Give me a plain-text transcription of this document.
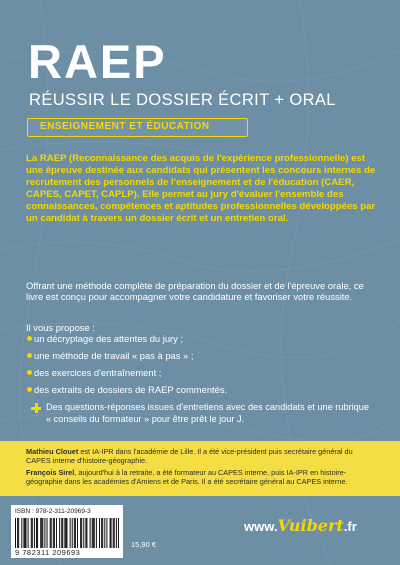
RAEP
RÉUSSIR LE DOSSIER ÉCRIT + ORAL
ENSEIGNEMENT ET ÉDUCATION

La RAEP (Reconnaissance des acquis de l'expérience professionnelle) est une épreuve destinée aux candidats qui présentent les concours internes de recrutement des personnels de l'enseignement et de l'éducation (CAER, CAPES, CAPET, CAPLP). Elle permet au jury d'évaluer l'ensemble des connaissances, compétences et aptitudes professionnelles développées par un candidat à travers un dossier écrit et un entretien oral.

Offrant une méthode complète de préparation du dossier et de l'épreuve orale, ce livre est conçu pour accompagner votre candidature et favoriser votre réussite.

Il vous propose :

un décryptage des attentes du jury ;
une méthode de travail « pas à pas » ;
des exercices d'entraînement ;
des extraits de dossiers de RAEP commentés.

Des questions-réponses issues d'entretiens avec des candidats et une rubrique « conseils du formateur » pour être prêt le jour J.

Mathieu Clouet est IA-IPR dans l'académie de Lille. Il a été vice-président puis secrétaire général du CAPES interne d'histoire-géographie.

François Sirel, aujourd'hui à la retraite, a été formateur au CAPES interne, puis IA-IPR en histoire-géographie dans les académies d'Amiens et de Paris. Il a été secrétaire général au CAPES interne.

ISBN : 978-2-311-20969-3
9 782311 209693
15,90 €
www.Vuibert.fr
